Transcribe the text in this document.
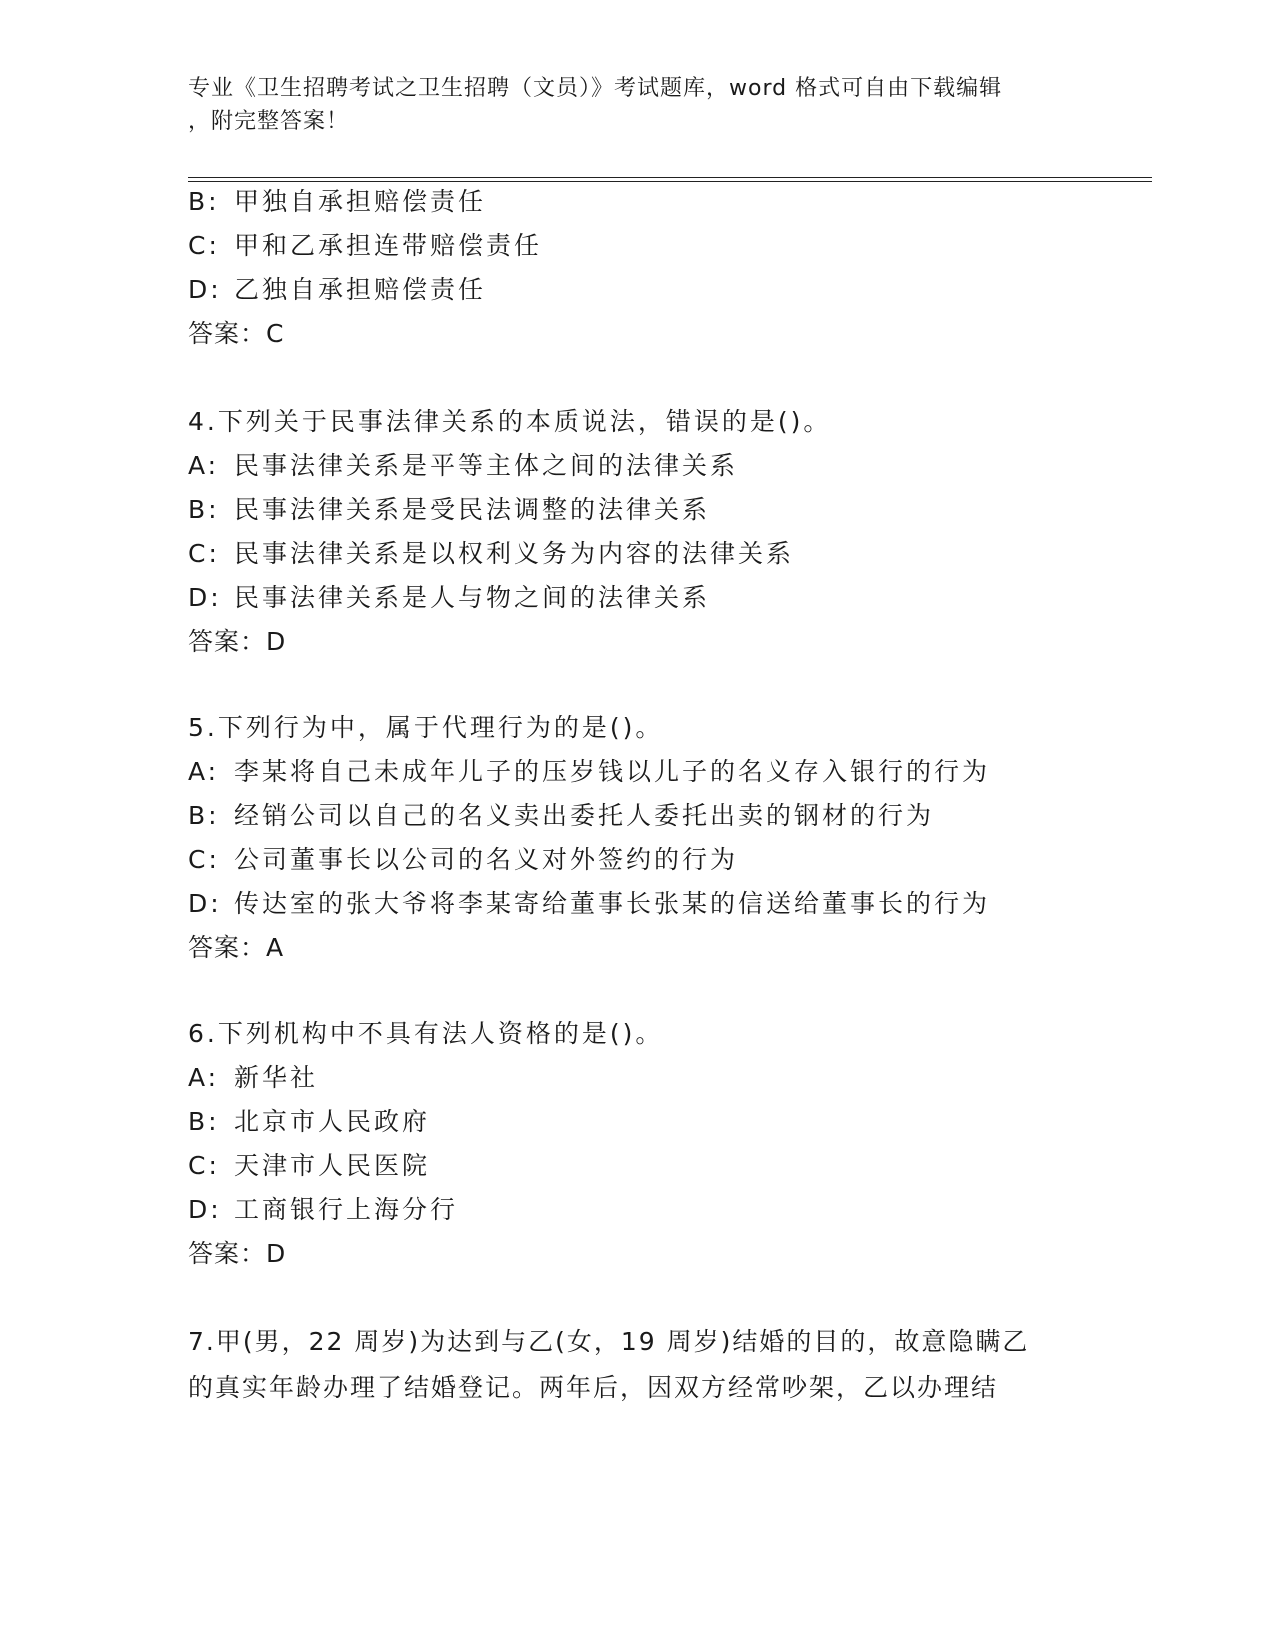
专业《卫生招聘考试之卫生招聘（文员）》考试题库，word 格式可自由下载编辑
，附完整答案！
B: 甲独自承担赔偿责任
C: 甲和乙承担连带赔偿责任
D: 乙独自承担赔偿责任
答案：C
4.下列关于民事法律关系的本质说法，错误的是()。
A: 民事法律关系是平等主体之间的法律关系
B: 民事法律关系是受民法调整的法律关系
C: 民事法律关系是以权利义务为内容的法律关系
D: 民事法律关系是人与物之间的法律关系
答案：D
5.下列行为中，属于代理行为的是()。
A: 李某将自己未成年儿子的压岁钱以儿子的名义存入银行的行为
B: 经销公司以自己的名义卖出委托人委托出卖的钢材的行为
C: 公司董事长以公司的名义对外签约的行为
D: 传达室的张大爷将李某寄给董事长张某的信送给董事长的行为
答案：A
6.下列机构中不具有法人资格的是()。
A: 新华社
B: 北京市人民政府
C: 天津市人民医院
D: 工商银行上海分行
答案：D
7.甲(男，22 周岁)为达到与乙(女，19 周岁)结婚的目的，故意隐瞒乙
的真实年龄办理了结婚登记。两年后，因双方经常吵架，乙以办理结
